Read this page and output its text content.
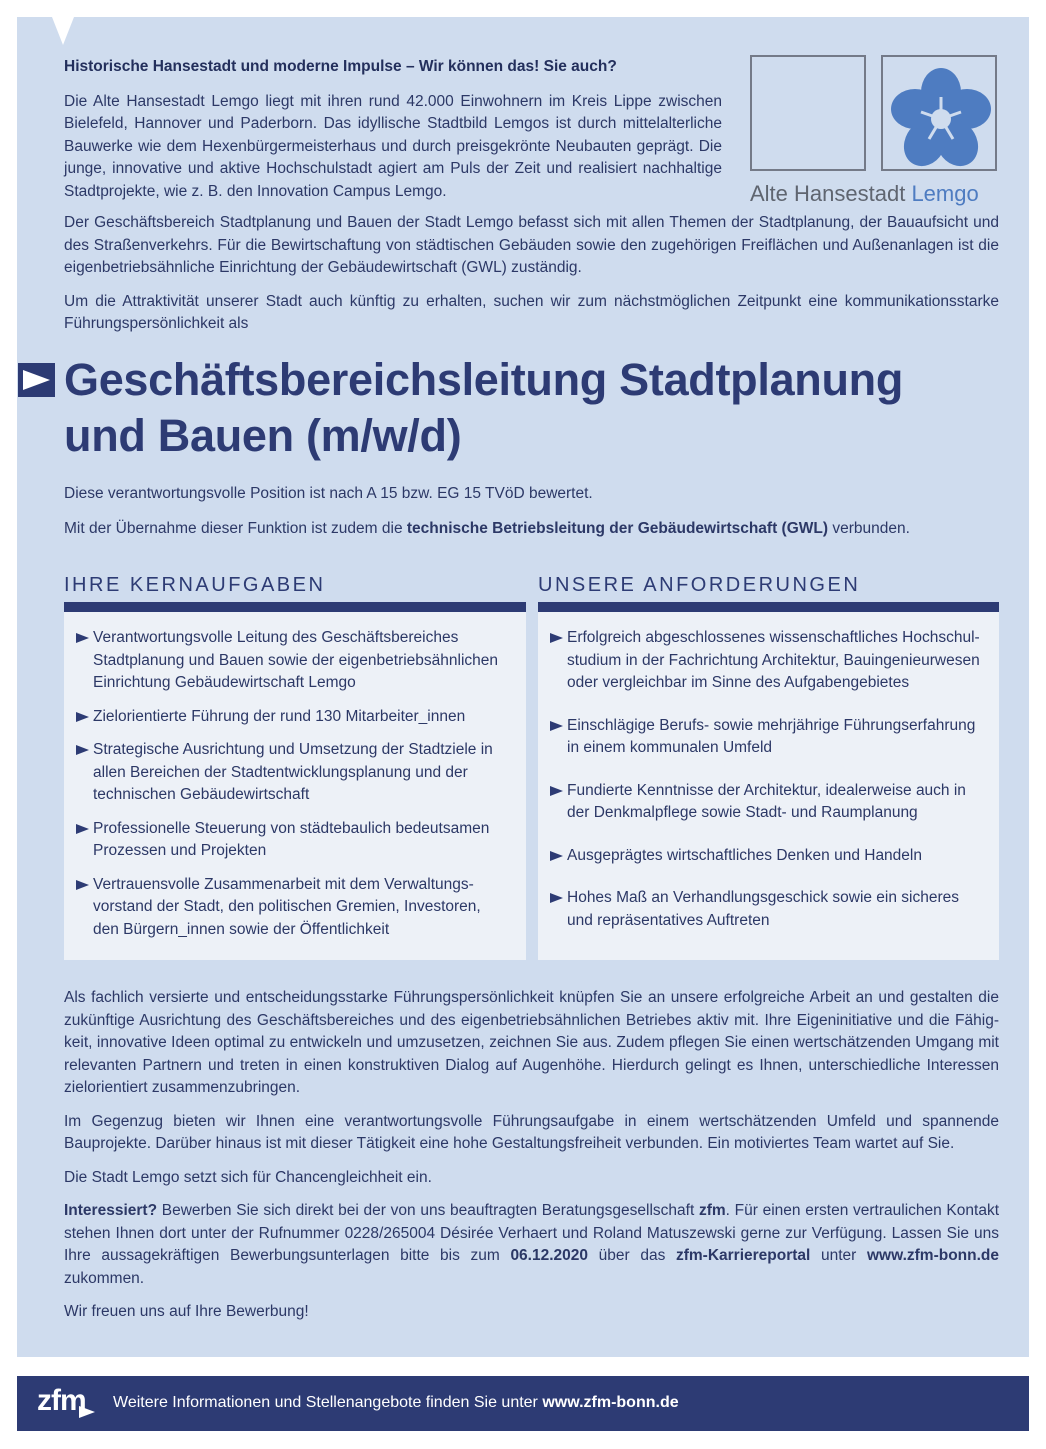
Historische Hansestadt und moderne Impulse – Wir können das! Sie auch?

Die Alte Hansestadt Lemgo liegt mit ihren rund 42.000 Einwohnern im Kreis Lippe zwischen Bielefeld, Hannover und Paderborn. Das idyllische Stadtbild Lemgos ist durch mittelalterliche Bauwerke wie dem Hexenbürgermeisterhaus und durch preisgekrönte Neubauten geprägt. Die junge, innovative und aktive Hochschulstadt agiert am Puls der Zeit und realisiert nachhaltige Stadtprojekte, wie z. B. den Innovation Campus Lemgo.	Alte Hansestadt Lemgo

Der Geschäftsbereich Stadtplanung und Bauen der Stadt Lemgo befasst sich mit allen Themen der Stadtplanung, der Bauaufsicht und des Straßenverkehrs. Für die Bewirtschaftung von städtischen Gebäuden sowie den zugehörigen Freiflächen und Außenanlagen ist die eigenbetriebsähnliche Einrichtung der Gebäudewirtschaft (GWL) zuständig.

Um die Attraktivität unserer Stadt auch künftig zu erhalten, suchen wir zum nächstmöglichen Zeitpunkt eine kommunikationsstarke Führungspersönlichkeit als

Geschäftsbereichsleitung Stadtplanung
und Bauen (m/w/d)

Diese verantwortungsvolle Position ist nach A 15 bzw. EG 15 TVöD bewertet.

Mit der Übernahme dieser Funktion ist zudem die technische Betriebsleitung der Gebäudewirtschaft (GWL) verbunden.

IHRE KERNAUFGABEN
Verantwortungsvolle Leitung des Geschäftsbereiches Stadtplanung und Bauen sowie der eigenbetriebsähnlichen Einrichtung Gebäudewirtschaft Lemgo
Zielorientierte Führung der rund 130 Mitarbeiter_innen
Strategische Ausrichtung und Umsetzung der Stadtziele in allen Bereichen der Stadtentwicklungsplanung und der technischen Gebäudewirtschaft
Professionelle Steuerung von städtebaulich bedeutsamen Prozessen und Projekten
Vertrauensvolle Zusammenarbeit mit dem Verwaltungsvorstand der Stadt, den politischen Gremien, Investoren, den Bürgern_innen sowie der Öffentlichkeit
UNSERE ANFORDERUNGEN
Erfolgreich abgeschlossenes wissenschaftliches Hochschulstudium in der Fachrichtung Architektur, Bauingenieurwesen oder vergleichbar im Sinne des Aufgabengebietes
Einschlägige Berufs- sowie mehrjährige Führungserfahrung in einem kommunalen Umfeld
Fundierte Kenntnisse der Architektur, idealerweise auch in der Denkmalpflege sowie Stadt- und Raumplanung
Ausgeprägtes wirtschaftliches Denken und Handeln
Hohes Maß an Verhandlungsgeschick sowie ein sicheres und repräsentatives Auftreten

Als fachlich versierte und entscheidungsstarke Führungspersönlichkeit knüpfen Sie an unsere erfolgreiche Arbeit an und gestalten die zukünftige Ausrichtung des Geschäftsbereiches und des eigenbetriebsähnlichen Betriebes aktiv mit. Ihre Eigeninitiative und die Fähigkeit, innovative Ideen optimal zu entwickeln und umzusetzen, zeichnen Sie aus. Zudem pflegen Sie einen wertschätzenden Umgang mit relevanten Partnern und treten in einen konstruktiven Dialog auf Augenhöhe. Hierdurch gelingt es Ihnen, unterschiedliche Interessen zielorientiert zusammenzubringen.

Im Gegenzug bieten wir Ihnen eine verantwortungsvolle Führungsaufgabe in einem wertschätzenden Umfeld und spannende Bauprojekte. Darüber hinaus ist mit dieser Tätigkeit eine hohe Gestaltungsfreiheit verbunden. Ein motiviertes Team wartet auf Sie.

Die Stadt Lemgo setzt sich für Chancengleichheit ein.

Interessiert? Bewerben Sie sich direkt bei der von uns beauftragten Beratungsgesellschaft zfm. Für einen ersten vertraulichen Kontakt stehen Ihnen dort unter der Rufnummer 0228/265004 Désirée Verhaert und Roland Matuszewski gerne zur Verfügung. Lassen Sie uns Ihre aussagekräftigen Bewerbungsunterlagen bitte bis zum 06.12.2020 über das zfm-Karriereportal unter www.zfm-bonn.de zukommen.

Wir freuen uns auf Ihre Bewerbung!

zfm Weitere Informationen und Stellenangebote finden Sie unter www.zfm-bonn.de
